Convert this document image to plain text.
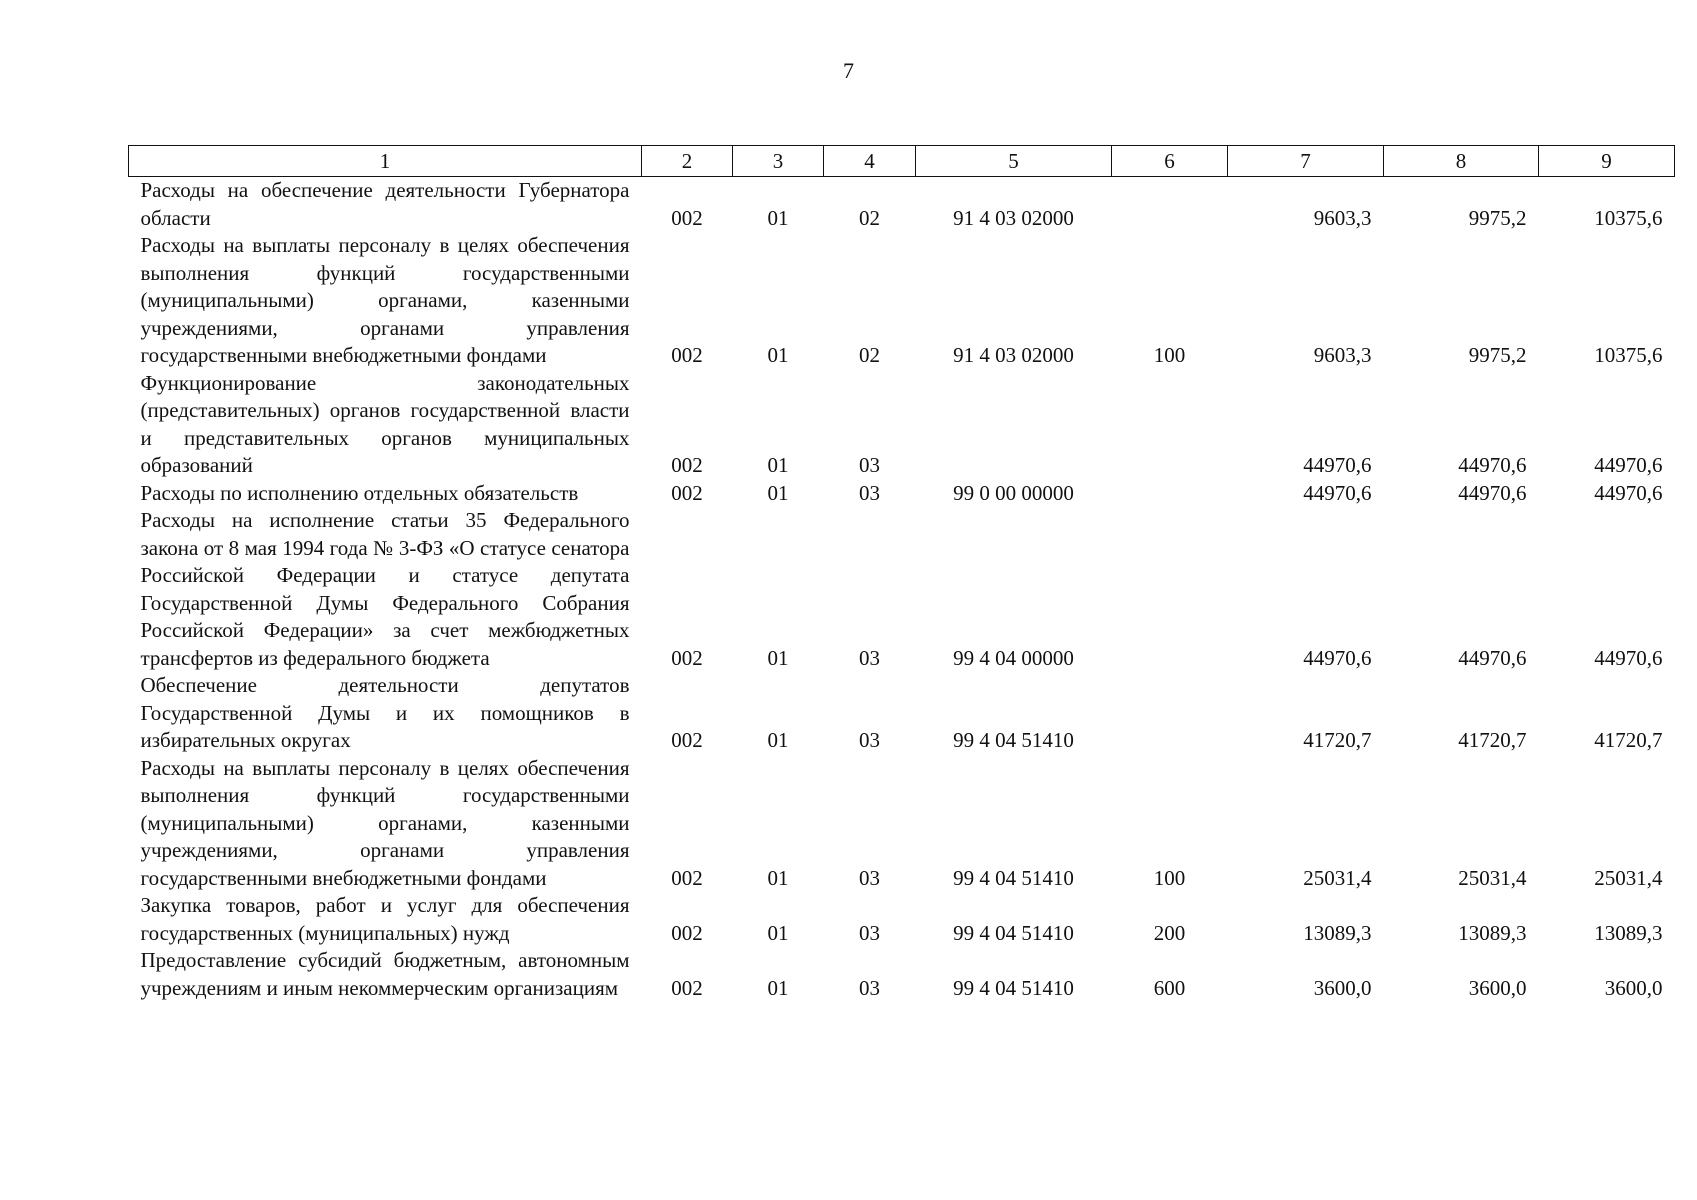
7
1	2	3	4	5	6	7	8	9
Расходы на обеспечение деятельности Губернатора области	002	01	02	91 4 03 02000		9603,3	9975,2	10375,6
Расходы на выплаты персоналу в целях обеспечения выполнения функций государственными (муниципальными) органами, казенными учреждениями, органами управления государственными внебюджетными фондами	002	01	02	91 4 03 02000	100	9603,3	9975,2	10375,6
Функционирование законодательных (представительных) органов государственной власти и представительных органов муниципальных образований	002	01	03			44970,6	44970,6	44970,6
Расходы по исполнению отдельных обязательств	002	01	03	99 0 00 00000		44970,6	44970,6	44970,6
Расходы на исполнение статьи 35 Федерального закона от 8 мая 1994 года № 3-ФЗ «О статусе сенатора Российской Федерации и статусе депутата Государственной Думы Федерального Собрания Российской Федерации» за счет межбюджетных трансфертов из федерального бюджета	002	01	03	99 4 04 00000		44970,6	44970,6	44970,6
Обеспечение деятельности депутатов Государственной Думы и их помощников в избирательных округах	002	01	03	99 4 04 51410		41720,7	41720,7	41720,7
Расходы на выплаты персоналу в целях обеспечения выполнения функций государственными (муниципальными) органами, казенными учреждениями, органами управления государственными внебюджетными фондами	002	01	03	99 4 04 51410	100	25031,4	25031,4	25031,4
Закупка товаров, работ и услуг для обеспечения государственных (муниципальных) нужд	002	01	03	99 4 04 51410	200	13089,3	13089,3	13089,3
Предоставление субсидий бюджетным, автономным учреждениям и иным некоммерческим организациям	002	01	03	99 4 04 51410	600	3600,0	3600,0	3600,0
